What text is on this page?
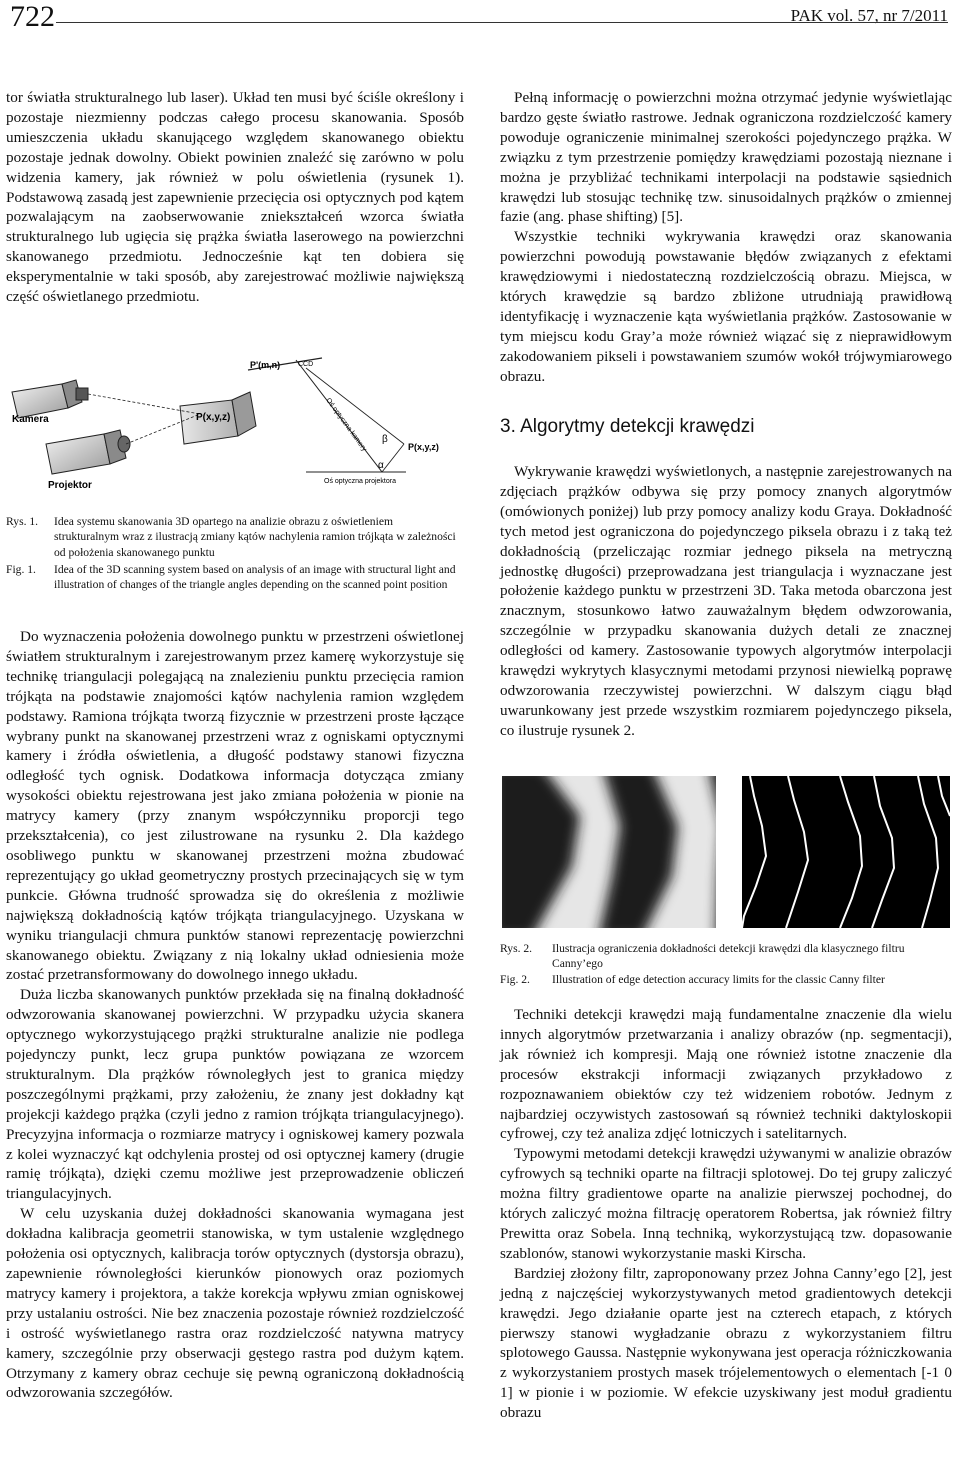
722	PAK vol. 57, nr 7/2011

tor światła strukturalnego lub laser). Układ ten musi być ściśle określony i pozostaje niezmienny podczas całego procesu skanowania. Sposób umieszczenia układu skanującego względem skanowanego obiektu pozostaje jednak dowolny. Obiekt powinien znaleźć się zarówno w polu widzenia kamery, jak również w polu oświetlenia (rysunek 1). Podstawową zasadą jest zapewnienie przecięcia osi optycznych pod kątem pozwalającym na zaobserwowanie zniekształceń wzorca światła strukturalnego lub ugięcia się prążka światła laserowego na powierzchni skanowanego przedmiotu. Jednocześnie kąt ten dobiera się eksperymentalnie w taki sposób, aby zarejestrować możliwie największą część oświetlanego przedmiotu.

P'(m,n)	CCD
Kamera
Projektor
P(x,y,z)
P(x,y,z)
Oś optyczna kamery
Oś optyczna projektora
α
β
Rys. 1. Idea systemu skanowania 3D opartego na analizie obrazu z oświetleniem strukturalnym wraz z ilustracją zmiany kątów nachylenia ramion trójkąta w zależności od położenia skanowanego punktu
Fig. 1. Idea of the 3D scanning system based on analysis of an image with structural light and illustration of changes of the triangle angles depending on the scanned point position

Do wyznaczenia położenia dowolnego punktu w przestrzeni oświetlonej światłem strukturalnym i zarejestrowanym przez kamerę wykorzystuje się technikę triangulacji polegającą na znalezieniu punktu przecięcia ramion trójkąta na podstawie znajomości kątów nachylenia ramion względem podstawy. Ramiona trójkąta tworzą fizycznie w przestrzeni proste łączące wybrany punkt na skanowanej przestrzeni wraz z ogniskami optycznymi kamery i źródła oświetlenia, a długość podstawy stanowi fizyczna odległość tych ognisk. Dodatkowa informacja dotycząca zmiany wysokości obiektu rejestrowana jest jako zmiana położenia w pionie na matrycy kamery (przy znanym współczynniku proporcji tego przekształcenia), co jest zilustrowane na rysunku 2. Dla każdego osobliwego punktu w skanowanej przestrzeni można zbudować reprezentujący go układ geometryczny prostych przecinających się w tym punkcie. Główna trudność sprowadza się do określenia z możliwie największą dokładnością kątów trójkąta triangulacyjnego. Uzyskana w wyniku triangulacji chmura punktów stanowi reprezentację powierzchni skanowanego obiektu. Związany z nią lokalny układ odniesienia może zostać przetransformowany do dowolnego innego układu.

Duża liczba skanowanych punktów przekłada się na finalną dokładność odwzorowania skanowanej powierzchni. W przypadku użycia skanera optycznego wykorzystującego prążki strukturalne analizie nie podlega pojedynczy punkt, lecz grupa punktów powiązana ze wzorcem strukturalnym. Dla prążków równoległych jest to granica między poszczególnymi prążkami, przy założeniu, że znany jest dokładny kąt projekcji każdego prążka (czyli jedno z ramion trójkąta triangulacyjnego). Precyzyjna informacja o rozmiarze matrycy i ogniskowej kamery pozwala z kolei wyznaczyć kąt odchylenia prostej od osi optycznej kamery (drugie ramię trójkąta), dzięki czemu możliwe jest przeprowadzenie obliczeń triangulacyjnych.

W celu uzyskania dużej dokładności skanowania wymagana jest dokładna kalibracja geometrii stanowiska, w tym ustalenie względnego położenia osi optycznych, kalibracja torów optycznych (dystorsja obrazu), zapewnienie równoległości kierunków pionowych oraz poziomych matrycy kamery i projektora, a także korekcja wpływu zmian ogniskowej przy ustalaniu ostrości. Nie bez znaczenia pozostaje również rozdzielczość i ostrość wyświetlanego rastra oraz rozdzielczość natywna matrycy kamery, szczególnie przy obserwacji gęstego rastra pod dużym kątem. Otrzymany z kamery obraz cechuje się pewną ograniczoną dokładnością odwzorowania szczegółów.

Pełną informację o powierzchni można otrzymać jedynie wyświetlając bardzo gęste światło rastrowe. Jednak ograniczona rozdzielczość kamery powoduje ograniczenie minimalnej szerokości pojedynczego prążka. W związku z tym przestrzenie pomiędzy krawędziami pozostają nieznane i można je przybliżać technikami interpolacji na podstawie sąsiednich krawędzi lub stosując technikę tzw. sinusoidalnych prążków o zmiennej fazie (ang. phase shifting) [5].

Wszystkie techniki wykrywania krawędzi oraz skanowania powierzchni powodują powstawanie błędów związanych z efektami krawędziowymi i niedostateczną rozdzielczością obrazu. Miejsca, w których krawędzie są bardzo zbliżone utrudniają prawidłową identyfikację i wyznaczenie kąta wyświetlania prążków. Zastosowanie w tym miejscu kodu Gray’a może również wiązać się z nieprawidłowym zakodowaniem pikseli i powstawaniem szumów wokół trójwymiarowego obrazu.

3. Algorytmy detekcji krawędzi

Wykrywanie krawędzi wyświetlonych, a następnie zarejestrowanych na zdjęciach prążków odbywa się przy pomocy znanych algorytmów (omówionych poniżej) lub przy pomocy analizy kodu Graya. Dokładność tych metod jest ograniczona do pojedynczego piksela obrazu i z taką też dokładnością (przeliczając rozmiar jednego piksela na metryczną jednostkę długości) przeprowadzana jest triangulacja i wyznaczane jest położenie każdego punktu w przestrzeni 3D. Taka metoda obarczona jest znacznym, stosunkowo łatwo zauważalnym błędem odwzorowania, szczególnie w przypadku skanowania dużych detali ze znacznej odległości od kamery. Zastosowanie typowych algorytmów interpolacji krawędzi wykrytych klasycznymi metodami przynosi niewielką poprawę odwzorowania rzeczywistej powierzchni. W dalszym ciągu błąd uwarunkowany jest przede wszystkim rozmiarem pojedynczego piksela, co ilustruje rysunek 2.

Rys. 2. Ilustracja ograniczenia dokładności detekcji krawędzi dla klasycznego filtru Canny’ego
Fig. 2. Illustration of edge detection accuracy limits for the classic Canny filter

Techniki detekcji krawędzi mają fundamentalne znaczenie dla wielu innych algorytmów przetwarzania i analizy obrazów (np. segmentacji), jak również ich kompresji. Mają one również istotne znaczenie dla procesów ekstrakcji informacji związanych przykładowo z rozpoznawaniem obiektów czy też widzeniem robotów. Jednym z najbardziej oczywistych zastosowań są również techniki daktyloskopii cyfrowej, czy też analiza zdjęć lotniczych i satelitarnych.

Typowymi metodami detekcji krawędzi używanymi w analizie obrazów cyfrowych są techniki oparte na filtracji splotowej. Do tej grupy zaliczyć można filtry gradientowe oparte na analizie pierwszej pochodnej, do których zaliczyć można filtrację operatorem Robertsa, jak również filtry Prewitta oraz Sobela. Inną techniką, wykorzystującą tzw. dopasowanie szablonów, stanowi wykorzystanie maski Kirscha.

Bardziej złożony filtr, zaproponowany przez Johna Canny’ego [2], jest jedną z najczęściej wykorzystywanych metod gradientowych detekcji krawędzi. Jego działanie oparte jest na czterech etapach, z których pierwszy stanowi wygładzanie obrazu z wykorzystaniem filtru splotowego Gaussa. Następnie wykonywana jest operacja różniczkowania z wykorzystaniem prostych masek trójelementowych o elementach [-1 0 1] w pionie i w poziomie. W efekcie uzyskiwany jest moduł gradientu obrazu
